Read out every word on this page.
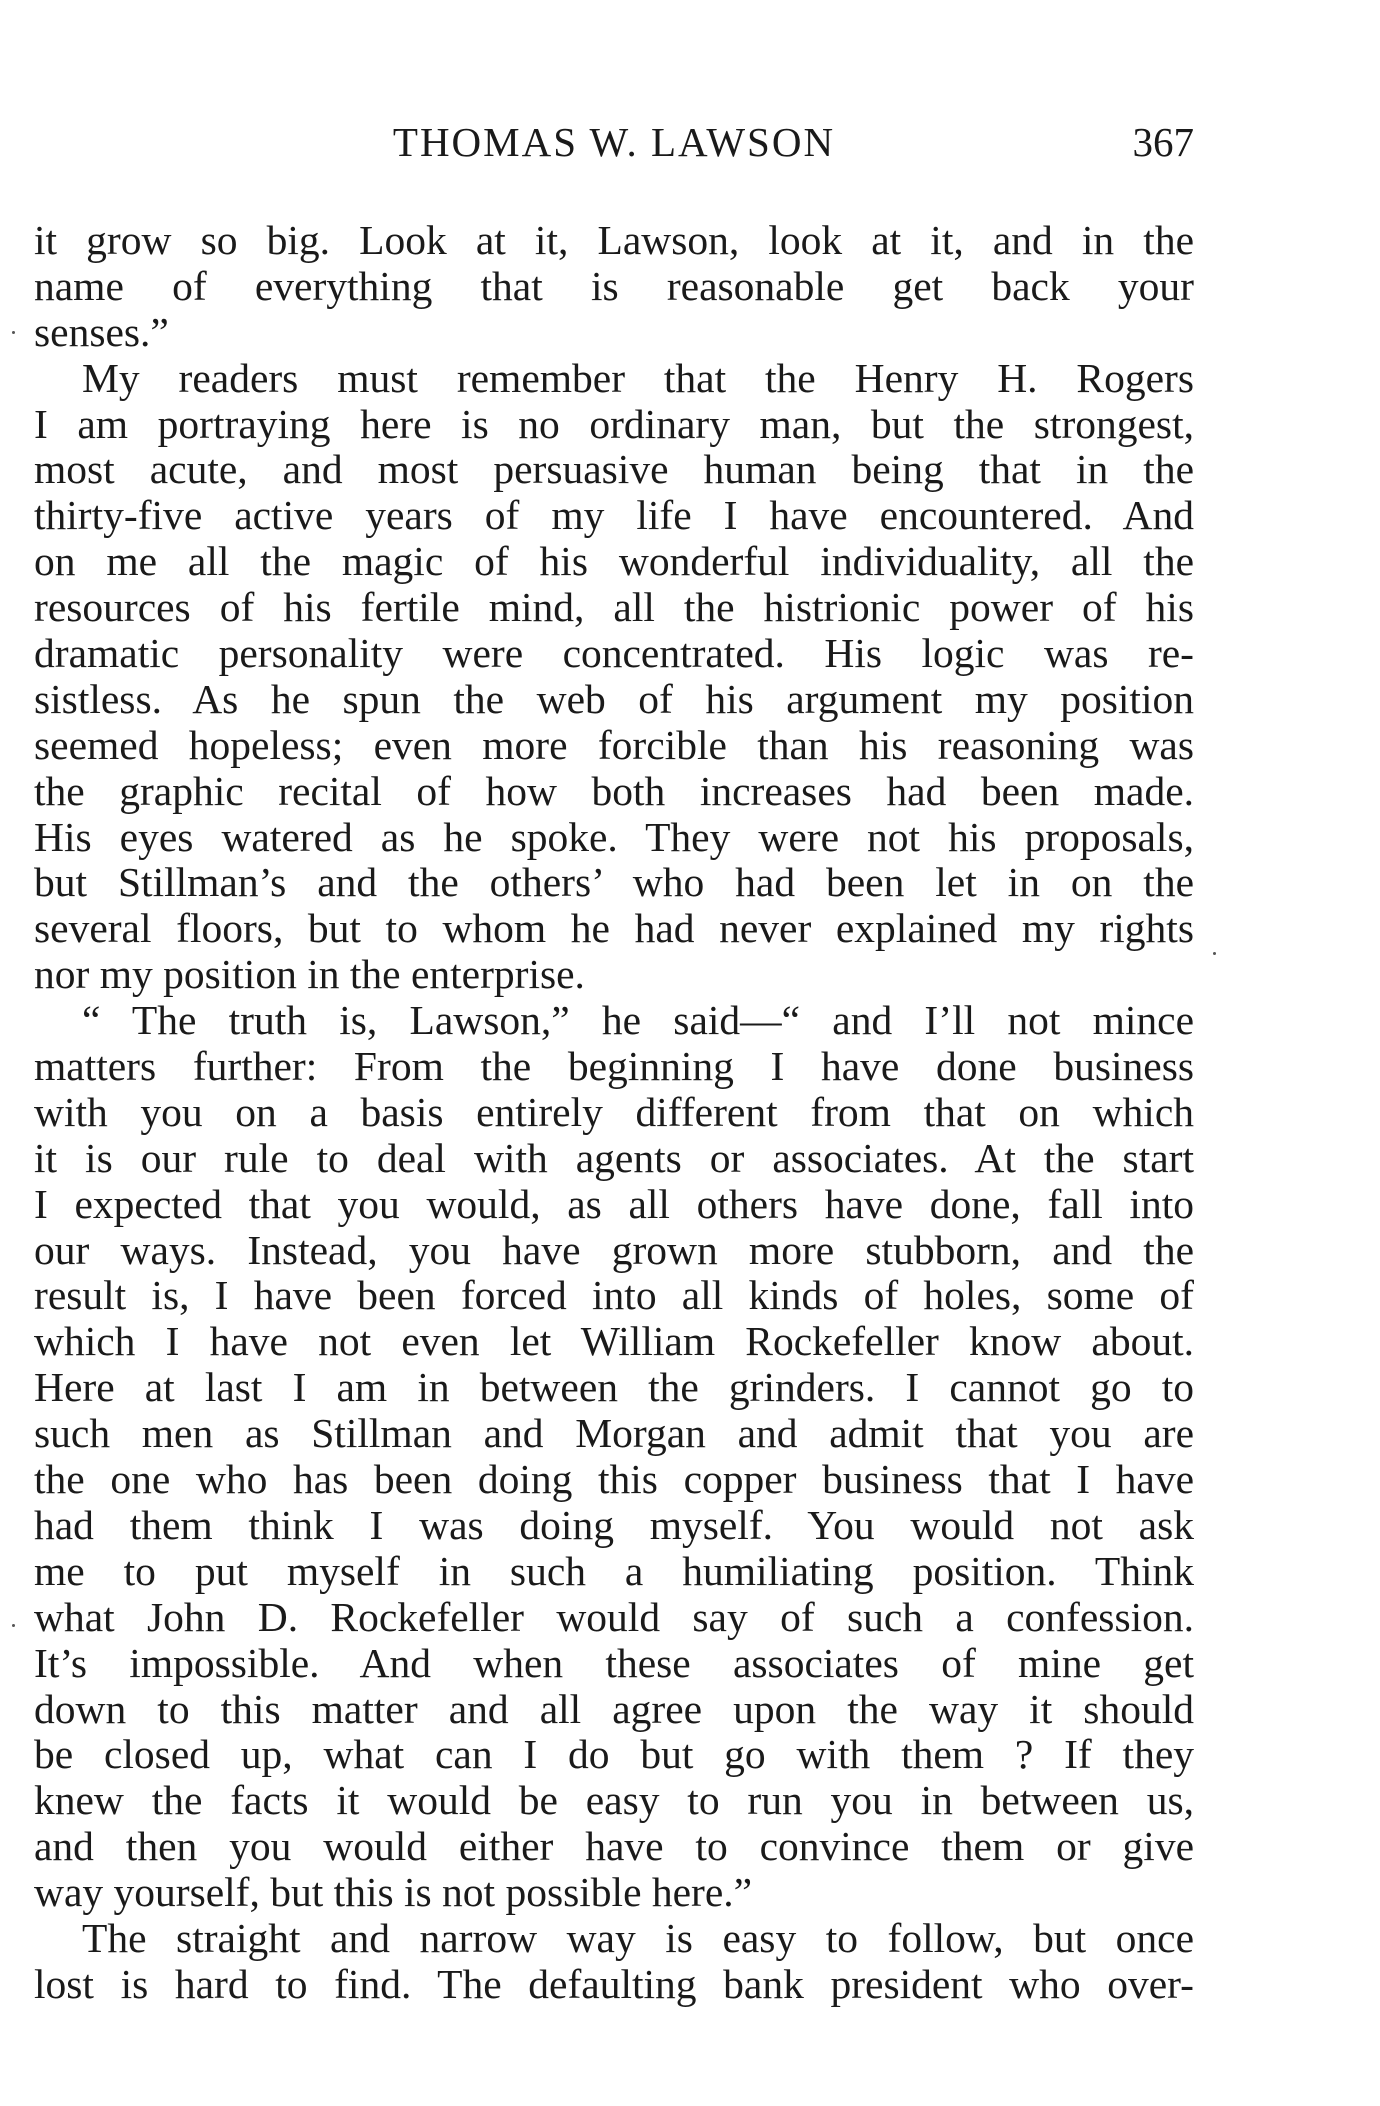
THOMAS W. LAWSON	367
it grow so big. Look at it, Lawson, look at it, and in the
name of everything that is reasonable get back your
senses.”
My readers must remember that the Henry H. Rogers
I am portraying here is no ordinary man, but the strongest,
most acute, and most persuasive human being that in the
thirty-five active years of my life I have encountered. And
on me all the magic of his wonderful individuality, all the
resources of his fertile mind, all the histrionic power of his
dramatic personality were concentrated. His logic was re-
sistless. As he spun the web of his argument my position
seemed hopeless; even more forcible than his reasoning was
the graphic recital of how both increases had been made.
His eyes watered as he spoke. They were not his proposals,
but Stillman’s and the others’ who had been let in on the
several floors, but to whom he had never explained my rights
nor my position in the enterprise.
“ The truth is, Lawson,” he said—“ and I’ll not mince
matters further: From the beginning I have done business
with you on a basis entirely different from that on which
it is our rule to deal with agents or associates. At the start
I expected that you would, as all others have done, fall into
our ways. Instead, you have grown more stubborn, and the
result is, I have been forced into all kinds of holes, some of
which I have not even let William Rockefeller know about.
Here at last I am in between the grinders. I cannot go to
such men as Stillman and Morgan and admit that you are
the one who has been doing this copper business that I have
had them think I was doing myself. You would not ask
me to put myself in such a humiliating position. Think
what John D. Rockefeller would say of such a confession.
It’s impossible. And when these associates of mine get
down to this matter and all agree upon the way it should
be closed up, what can I do but go with them ? If they
knew the facts it would be easy to run you in between us,
and then you would either have to convince them or give
way yourself, but this is not possible here.”
The straight and narrow way is easy to follow, but once
lost is hard to find. The defaulting bank president who over-
